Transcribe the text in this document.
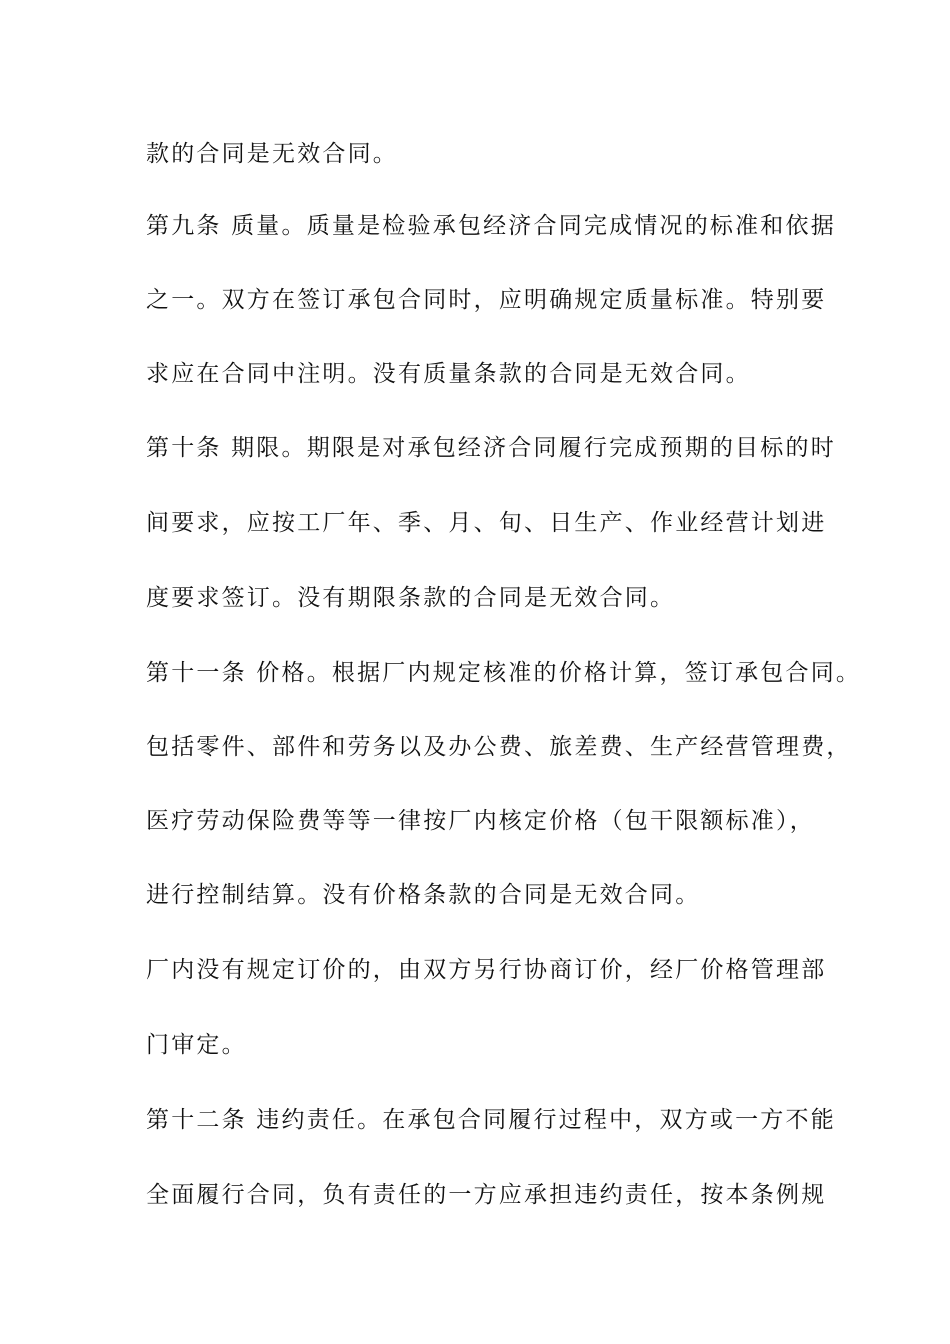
款的合同是无效合同。
第九条 质量。质量是检验承包经济合同完成情况的标准和依据
之一。双方在签订承包合同时，应明确规定质量标准。特别要
求应在合同中注明。没有质量条款的合同是无效合同。
第十条 期限。期限是对承包经济合同履行完成预期的目标的时
间要求，应按工厂年、季、月、旬、日生产、作业经营计划进
度要求签订。没有期限条款的合同是无效合同。
第十一条 价格。根据厂内规定核准的价格计算，签订承包合同。
包括零件、部件和劳务以及办公费、旅差费、生产经营管理费，
医疗劳动保险费等等一律按厂内核定价格（包干限额标准），
进行控制结算。没有价格条款的合同是无效合同。
厂内没有规定订价的，由双方另行协商订价，经厂价格管理部
门审定。
第十二条 违约责任。在承包合同履行过程中，双方或一方不能
全面履行合同，负有责任的一方应承担违约责任，按本条例规
